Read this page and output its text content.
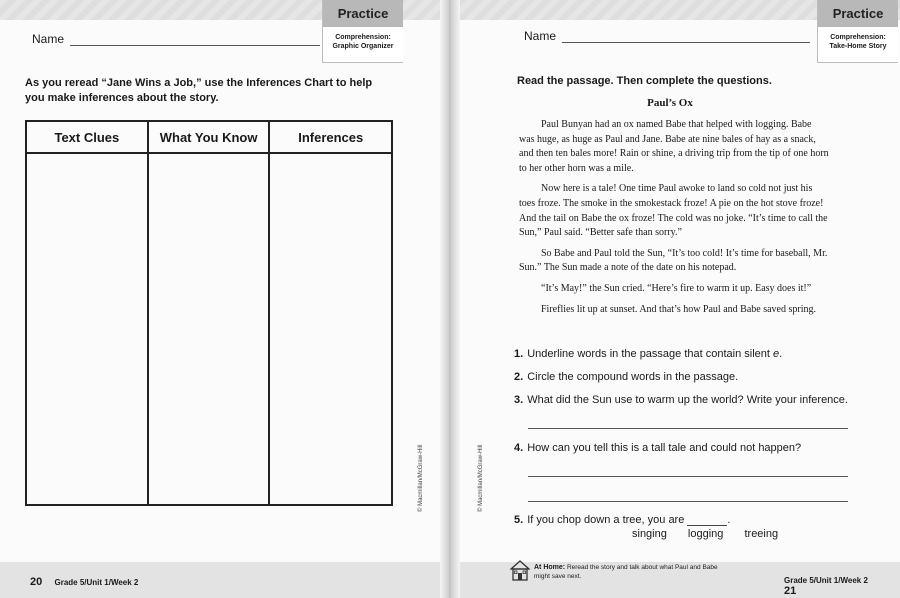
Practice
Comprehension:
Graphic Organizer
Name
As you reread “Jane Wins a Job,” use the Inferences Chart to help
you make inferences about the story.
Text Clues	What You Know	Inferences

© Macmillan/McGraw-Hill
20 Grade 5/Unit 1/Week 2
Practice
Comprehension:
Take-Home Story
Name
Read the passage. Then complete the questions.
© Macmillan/McGraw-Hill
Grade 5/Unit 1/Week 2 21
Paul’s Ox

Paul Bunyan had an ox named Babe that helped with logging. Babe was huge, as huge as Paul and Jane. Babe ate nine bales of hay as a snack, and then ten bales more! Rain or shine, a driving trip from the tip of one horn to her other horn was a mile.

Now here is a tale! One time Paul awoke to land so cold not just his toes froze. The smoke in the smokestack froze! A pie on the hot stove froze! And the tail on Babe the ox froze! The cold was no joke. “It’s time to call the Sun,” Paul said. “Better safe than sorry.”

So Babe and Paul told the Sun, “It’s too cold! It’s time for baseball, Mr. Sun.” The Sun made a note of the date on his notepad.

“It’s May!” the Sun cried. “Here’s fire to warm it up. Easy does it!”

Fireflies lit up at sunset. And that’s how Paul and Babe saved spring.

1. Underline words in the passage that contain silent e.
2. Circle the compound words in the passage.
3. What did the Sun use to warm up the world? Write your inference.
4. How can you tell this is a tall tale and could not happen?
5. If you chop down a tree, you are	.
singing logging treeing
At Home: Reread the story and talk about what Paul and Babe might save next.
